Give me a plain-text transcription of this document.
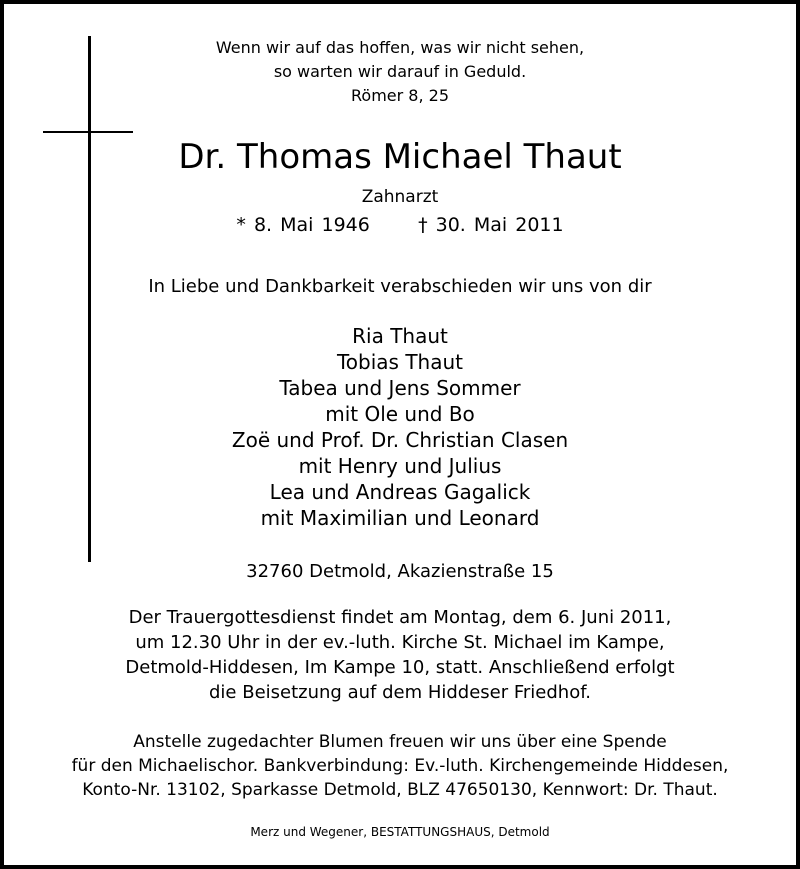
Wenn wir auf das hoffen, was wir nicht sehen,
so warten wir darauf in Geduld.
Römer 8, 25
Dr. Thomas Michael Thaut
Zahnarzt
* 8. Mai 1946      † 30. Mai 2011
In Liebe und Dankbarkeit verabschieden wir uns von dir
Ria Thaut
Tobias Thaut
Tabea und Jens Sommer
mit Ole und Bo
Zoë und Prof. Dr. Christian Clasen
mit Henry und Julius
Lea und Andreas Gagalick
mit Maximilian und Leonard
32760 Detmold, Akazienstraße 15
Der Trauergottesdienst findet am Montag, dem 6. Juni 2011,
um 12.30 Uhr in der ev.-luth. Kirche St. Michael im Kampe,
Detmold-Hiddesen, Im Kampe 10, statt. Anschließend erfolgt
die Beisetzung auf dem Hiddeser Friedhof.
Anstelle zugedachter Blumen freuen wir uns über eine Spende
für den Michaelischor. Bankverbindung: Ev.-luth. Kirchengemeinde Hiddesen,
Konto-Nr. 13102, Sparkasse Detmold, BLZ 47650130, Kennwort: Dr. Thaut.
Merz und Wegener, BESTATTUNGSHAUS, Detmold
